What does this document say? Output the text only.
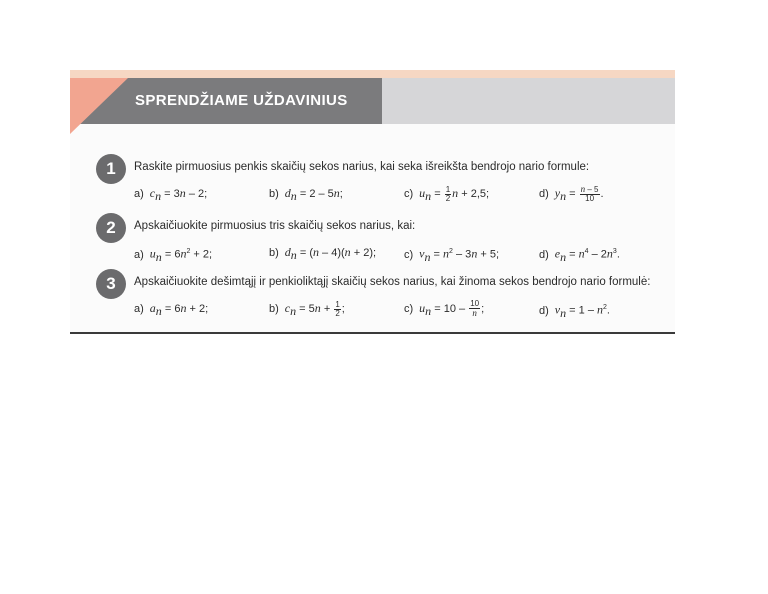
SPRENDŽIAME UŽDAVINIUS
1	Raskite pirmuosius penkis skaičių sekos narius, kai seka išreikšta bendrojo nario formule:
a) $c_n = 3n - 2$;	b) $d_n = 2 - 5n$;	c) $u_n = \frac{1}{2}$ n + 2,5;	d) $y_n = \frac{n - 5}{10}$ .
2	Apskaičiuokite pirmuosius tris skaičių sekos narius, kai:
a) $u_n = 6n^2 + 2$;	b) $d_n = (n - 4)(n + 2)$;	c) $v_n = n^2 - 3n + 5$;	d) $e_n = n^4 - 2n^3$.
3	Apskaičiuokite dešimtąjį ir penkioliktąjį skaičių sekos narius, kai žinoma sekos bendrojo nario formulė:
a) $a_n = 6n + 2$;	b) $c_n = 5n + \frac{1}{2}$ ;	c) $u_n = 10 - \frac{10}{n}$ ;	d) $v_n = 1 - n^2$.
